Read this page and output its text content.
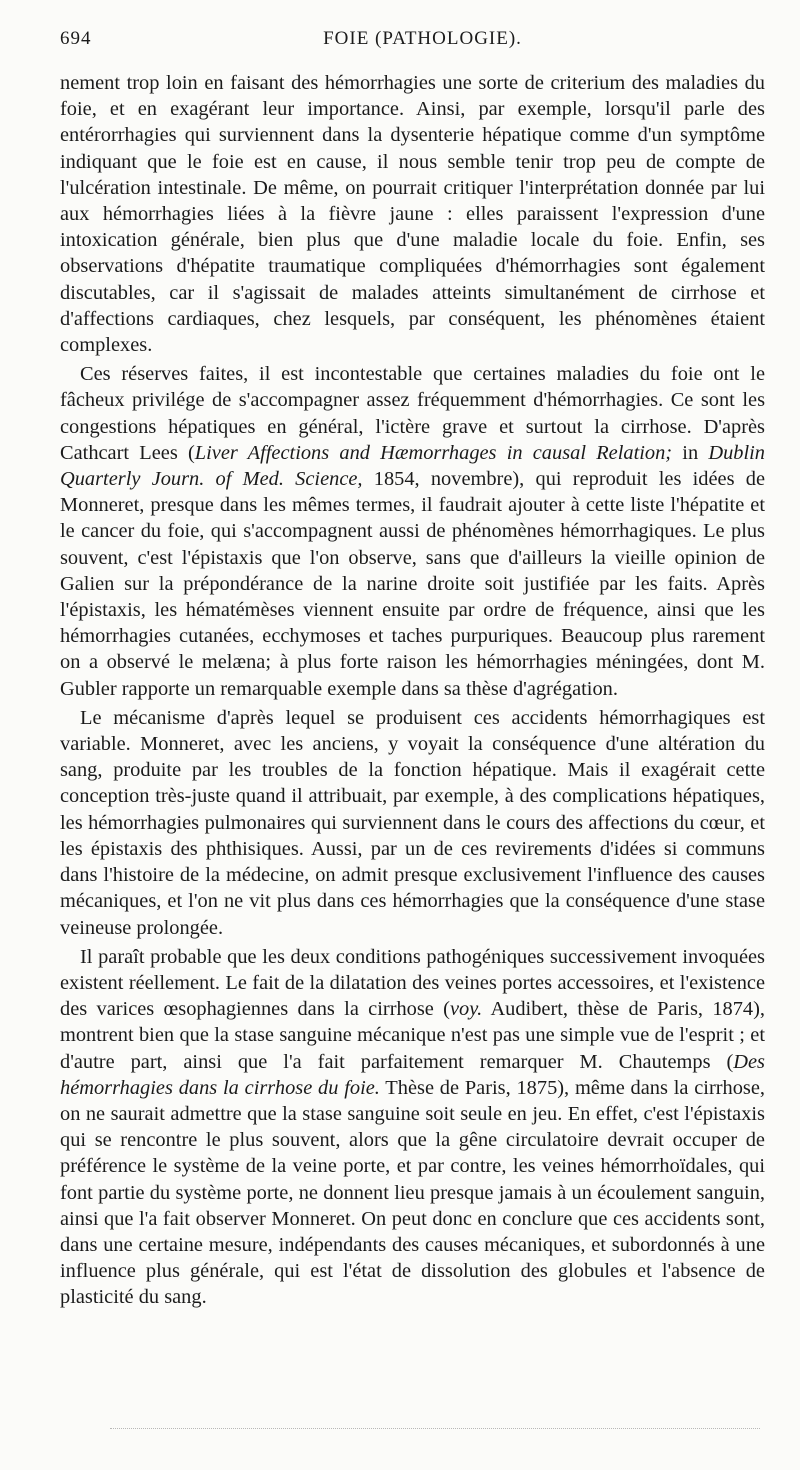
694	FOIE (PATHOLOGIE).

nement trop loin en faisant des hémorrhagies une sorte de criterium des maladies du foie, et en exagérant leur importance. Ainsi, par exemple, lorsqu'il parle des entérorrhagies qui surviennent dans la dysenterie hépatique comme d'un symptôme indiquant que le foie est en cause, il nous semble tenir trop peu de compte de l'ulcération intestinale. De même, on pourrait critiquer l'interprétation donnée par lui aux hémorrhagies liées à la fièvre jaune : elles paraissent l'expression d'une intoxication générale, bien plus que d'une maladie locale du foie. Enfin, ses observations d'hépatite traumatique compliquées d'hémorrhagies sont également discutables, car il s'agissait de malades atteints simultanément de cirrhose et d'affections cardiaques, chez lesquels, par conséquent, les phénomènes étaient complexes.

Ces réserves faites, il est incontestable que certaines maladies du foie ont le fâcheux privilége de s'accompagner assez fréquemment d'hémorrhagies. Ce sont les congestions hépatiques en général, l'ictère grave et surtout la cirrhose. D'après Cathcart Lees (Liver Affections and Hæmorrhages in causal Relation; in Dublin Quarterly Journ. of Med. Science, 1854, novembre), qui reproduit les idées de Monneret, presque dans les mêmes termes, il faudrait ajouter à cette liste l'hépatite et le cancer du foie, qui s'accompagnent aussi de phénomènes hémorrhagiques. Le plus souvent, c'est l'épistaxis que l'on observe, sans que d'ailleurs la vieille opinion de Galien sur la prépondérance de la narine droite soit justifiée par les faits. Après l'épistaxis, les hématémèses viennent ensuite par ordre de fréquence, ainsi que les hémorrhagies cutanées, ecchymoses et taches purpuriques. Beaucoup plus rarement on a observé le melæna; à plus forte raison les hémorrhagies méningées, dont M. Gubler rapporte un remarquable exemple dans sa thèse d'agrégation.

Le mécanisme d'après lequel se produisent ces accidents hémorrhagiques est variable. Monneret, avec les anciens, y voyait la conséquence d'une altération du sang, produite par les troubles de la fonction hépatique. Mais il exagérait cette conception très-juste quand il attribuait, par exemple, à des complications hépatiques, les hémorrhagies pulmonaires qui surviennent dans le cours des affections du cœur, et les épistaxis des phthisiques. Aussi, par un de ces revirements d'idées si communs dans l'histoire de la médecine, on admit presque exclusivement l'influence des causes mécaniques, et l'on ne vit plus dans ces hémorrhagies que la conséquence d'une stase veineuse prolongée.

Il paraît probable que les deux conditions pathogéniques successivement invoquées existent réellement. Le fait de la dilatation des veines portes accessoires, et l'existence des varices œsophagiennes dans la cirrhose (voy. Audibert, thèse de Paris, 1874), montrent bien que la stase sanguine mécanique n'est pas une simple vue de l'esprit ; et d'autre part, ainsi que l'a fait parfaitement remarquer M. Chautemps (Des hémorrhagies dans la cirrhose du foie. Thèse de Paris, 1875), même dans la cirrhose, on ne saurait admettre que la stase sanguine soit seule en jeu. En effet, c'est l'épistaxis qui se rencontre le plus souvent, alors que la gêne circulatoire devrait occuper de préférence le système de la veine porte, et par contre, les veines hémorrhoïdales, qui font partie du système porte, ne donnent lieu presque jamais à un écoulement sanguin, ainsi que l'a fait observer Monneret. On peut donc en conclure que ces accidents sont, dans une certaine mesure, indépendants des causes mécaniques, et subordonnés à une influence plus générale, qui est l'état de dissolution des globules et l'absence de plasticité du sang.
